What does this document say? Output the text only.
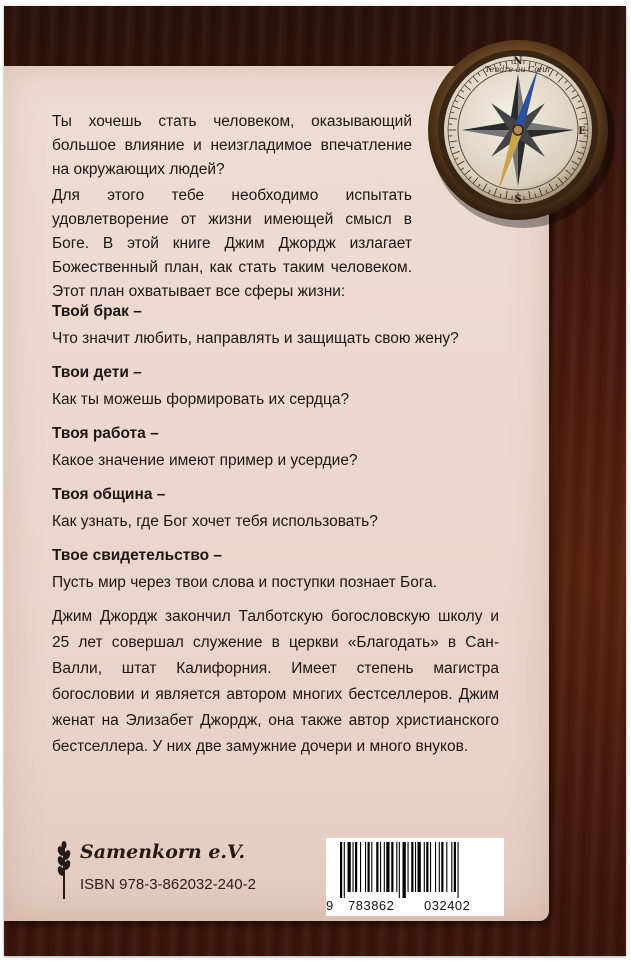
Tendre au Cœur
N
S
E

Ты хочешь стать человеком, оказывающий большое влияние и неизгладимое впечатление на окружающих людей?

Для этого тебе необходимо испытать удовлетворение от жизни имеющей смысл в Боге. В этой книге Джим Джордж излагает Божественный план, как стать таким человеком. Этот план охватывает все сферы жизни:

Твой брак –
Что значит любить, направлять и защищать свою жену?
Твои дети –
Как ты можешь формировать их сердца?
Твоя работа –
Какое значение имеют пример и усердие?
Твоя община –
Как узнать, где Бог хочет тебя использовать?
Твое свидетельство –
Пусть мир через твои слова и поступки познает Бога.
Джим Джордж закончил Талботскую богословскую школу и 25 лет совершал служение в церкви «Благодать» в Сан-Валли, штат Калифорния. Имеет степень магистра богословии и является автором многих бестселлеров. Джим женат на Элизабет Джордж, она также автор христианского бестселлера. У них две замужние дочери и много внуков.
Samenkorn e.V.
ISBN 978-3-862032-240-2
9 783862 032402
